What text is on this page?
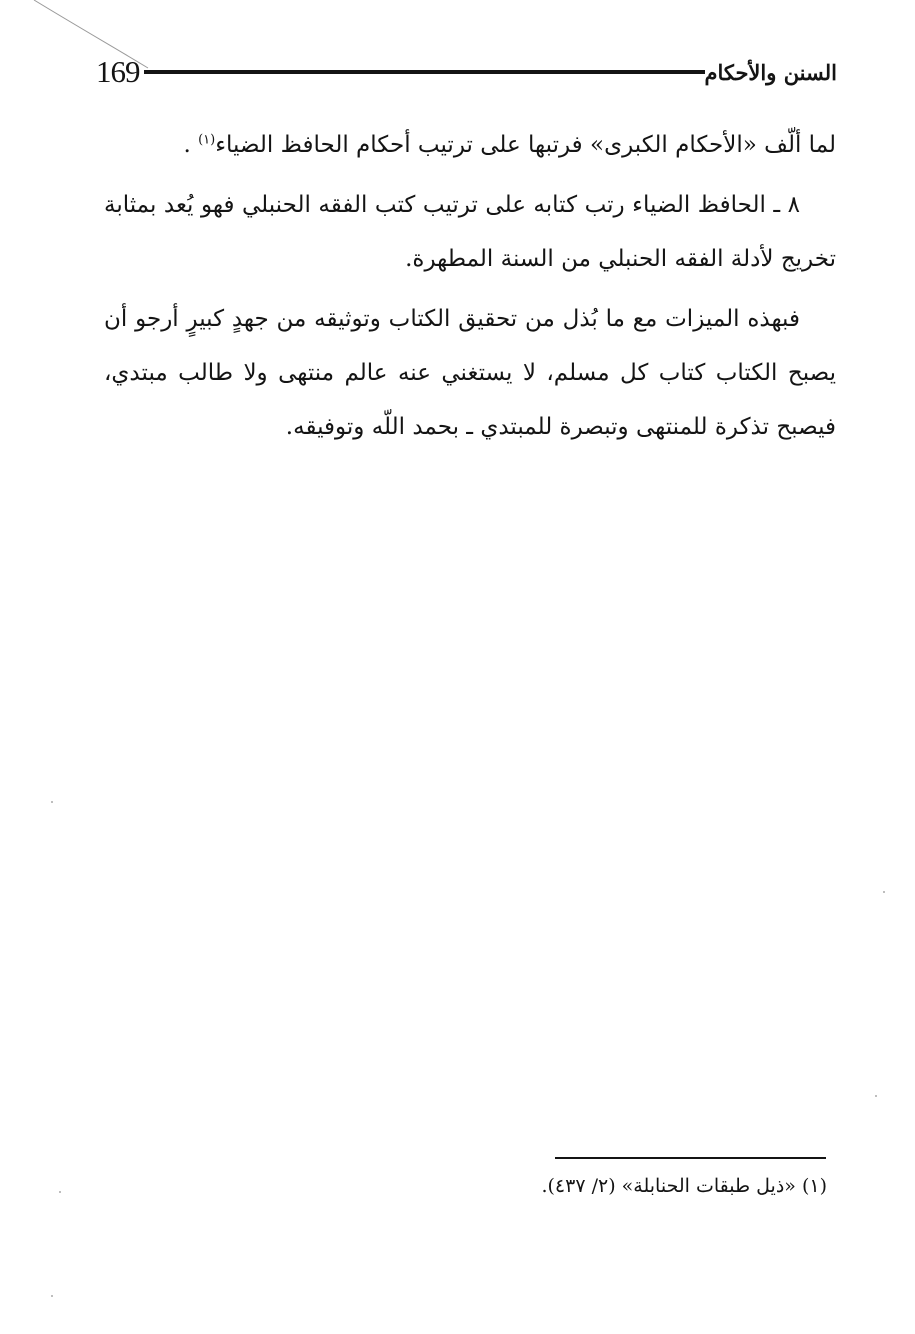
169	السنن والأحكام

لما ألّف «الأحكام الكبرى» فرتبها على ترتيب أحكام الحافظ الضياء$^{(١)}$ .

٨ ـ الحافظ الضياء رتب كتابه على ترتيب كتب الفقه الحنبلي فهو يُعد بمثابة تخريج لأدلة الفقه الحنبلي من السنة المطهرة.

فبهذه الميزات مع ما بُذل من تحقيق الكتاب وتوثيقه من جهدٍ كبيرٍ أرجو أن يصبح الكتاب كتاب كل مسلم، لا يستغني عنه عالم منتهى ولا طالب مبتدي، فيصبح تذكرة للمنتهى وتبصرة للمبتدي ـ بحمد اللّه وتوفيقه.

(١) «ذيل طبقات الحنابلة» (٢/ ٤٣٧).
